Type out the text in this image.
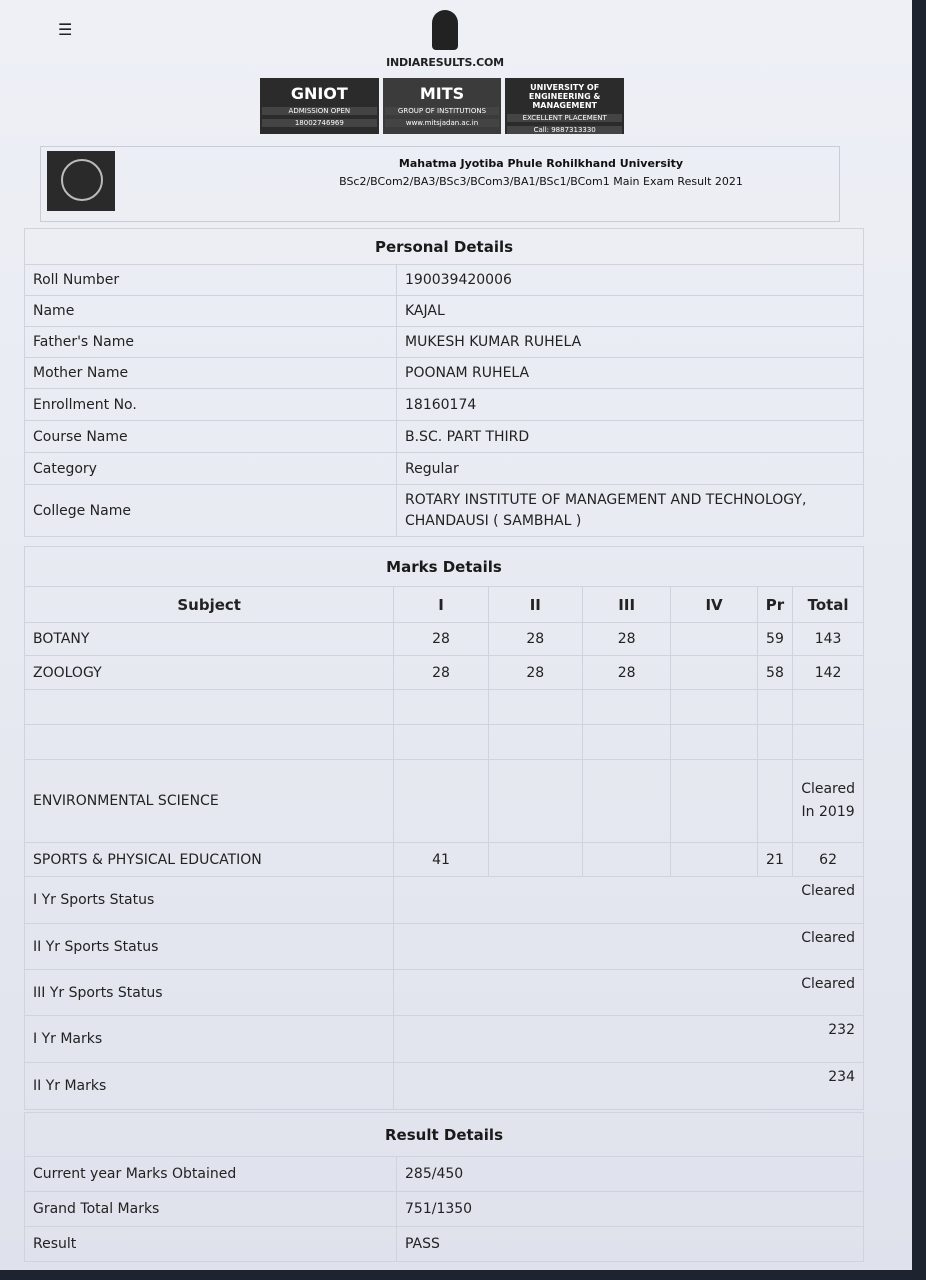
☰
INDIARESULTS.COM
GNIOT
ADMISSION OPEN
18002746969
MITS
GROUP OF INSTITUTIONS
www.mitsjadan.ac.in
UNIVERSITY OF ENGINEERING & MANAGEMENT
EXCELLENT PLACEMENT
Call: 9887313330
Mahatma Jyotiba Phule Rohilkhand University
BSc2/BCom2/BA3/BSc3/BCom3/BA1/BSc1/BCom1 Main Exam Result 2021
Personal Details	
Roll Number	190039420006
Name	KAJAL
Father's Name	MUKESH KUMAR RUHELA
Mother Name	POONAM RUHELA
Enrollment No.	18160174
Course Name	B.SC. PART THIRD
Category	Regular
College Name	ROTARY INSTITUTE OF MANAGEMENT AND TECHNOLOGY, CHANDAUSI ( SAMBHAL )
Marks Details						
Subject	I	II	III	IV	Pr	Total
BOTANY	28	28	28		59	143
ZOOLOGY	28	28	28		58	142

ENVIRONMENTAL SCIENCE						Cleared In 2019
SPORTS & PHYSICAL EDUCATION	41				21	62
I Yr Sports Status	Cleared					
II Yr Sports Status	Cleared					
III Yr Sports Status	Cleared					
I Yr Marks	232					
II Yr Marks	234					
Result Details	
Current year Marks Obtained	285/450
Grand Total Marks	751/1350
Result	PASS
